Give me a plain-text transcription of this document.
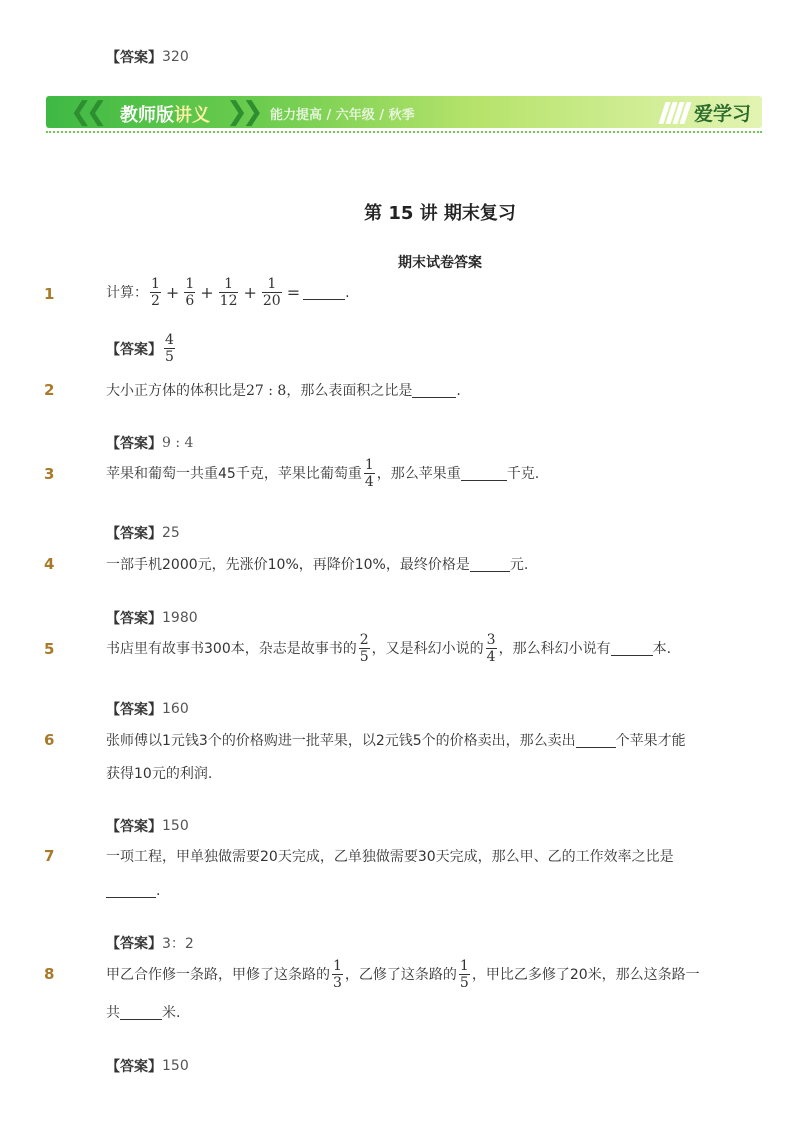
【答案】 320
❮❮ 教师版讲义 ❯❯ 能力提高 / 六年级 / 秋季	爱学习
第 15 讲 期末复习
期末试卷答案
1	计算： $\frac{1}{2} + \frac{1}{6} + \frac{1}{12} + \frac{1}{20}$ =	.
【答案】 $\frac{4}{5}$
2	大小正方体的体积比是 27 : 8 ，那么表面积之比是	.
【答案】 9 : 4
3	苹果和葡萄一共重45千克，苹果比葡萄重 $\frac{1}{4}$ ，那么苹果重	千克.
【答案】 25
4	一部手机2000元，先涨价10%，再降价10%，最终价格是	元.
【答案】 1980
5	书店里有故事书300本，杂志是故事书的 $\frac{2}{5}$ ，又是科幻小说的 $\frac{3}{4}$ ，那么科幻小说有	本.
【答案】 160
6	张师傅以1元钱3个的价格购进一批苹果，以2元钱5个的价格卖出，那么卖出	个苹果才能
获得10元的利润.
【答案】 150
7	一项工程，甲单独做需要20天完成，乙单独做需要30天完成，那么甲、乙的工作效率之比是
.
【答案】 3：2
8	甲乙合作修一条路，甲修了这条路的 $\frac{1}{3}$ ，乙修了这条路的 $\frac{1}{5}$ ，甲比乙多修了20米，那么这条路一
共	米.
【答案】 150
